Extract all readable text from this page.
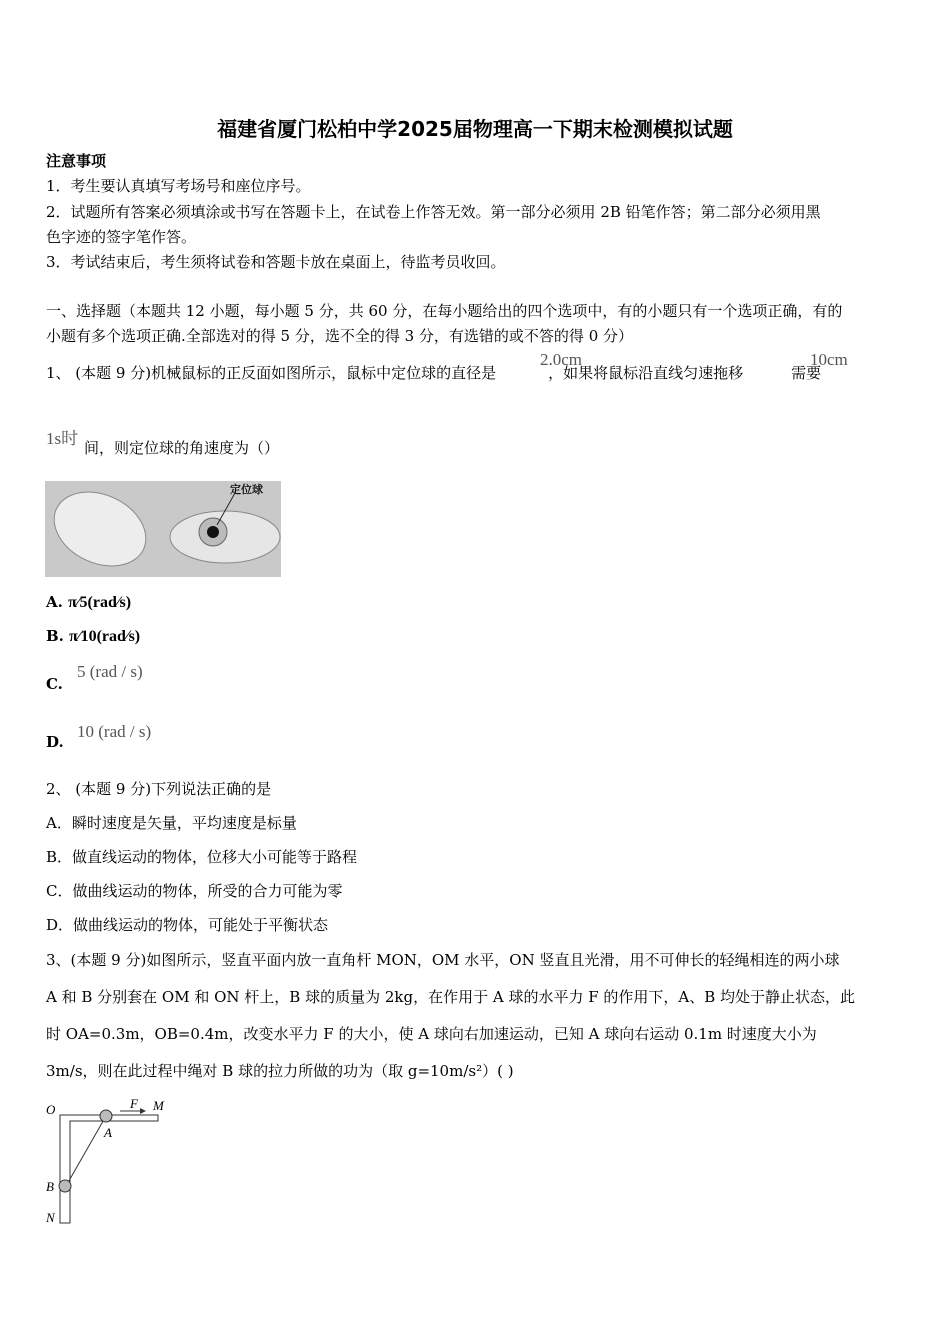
福建省厦门松柏中学2025届物理高一下期末检测模拟试题
注意事项
1．考生要认真填写考场号和座位序号。
2．试题所有答案必须填涂或书写在答题卡上，在试卷上作答无效。第一部分必须用 2B 铅笔作答；第二部分必须用黑
色字迹的签字笔作答。
3．考试结束后，考生须将试卷和答题卡放在桌面上，待监考员收回。
一、选择题（本题共 12 小题，每小题 5 分，共 60 分，在每小题给出的四个选项中，有的小题只有一个选项正确，有的
小题有多个选项正确.全部选对的得 5 分，选不全的得 3 分，有选错的或不答的得 0 分）
1、 (本题 9 分)机械鼠标的正反面如图所示，鼠标中定位球的直径是	，如果将鼠标沿直线匀速拖移	需要
2.0cm	10cm
1s时 间，则定位球的角速度为（）
定位球
A. π⁄5(rad⁄s)
B. π⁄10(rad⁄s)
C.
5 (rad / s)
D.
10 (rad / s)
2、 (本题 9 分)下列说法正确的是
A．瞬时速度是矢量，平均速度是标量
B．做直线运动的物体，位移大小可能等于路程
C．做曲线运动的物体，所受的合力可能为零
D．做曲线运动的物体，可能处于平衡状态
3、(本题 9 分)如图所示，竖直平面内放一直角杆 MON，OM 水平，ON 竖直且光滑，用不可伸长的轻绳相连的两小球
A 和 B 分别套在 OM 和 ON 杆上，B 球的质量为 2kg，在作用于 A 球的水平力 F 的作用下，A、B 均处于静止状态，此
时 OA=0.3m，OB=0.4m，改变水平力 F 的大小，使 A 球向右加速运动，已知 A 球向右运动 0.1m 时速度大小为
3m/s，则在此过程中绳对 B 球的拉力所做的功为（取 g=10m/s²）( )
O	F M
A
B
N
